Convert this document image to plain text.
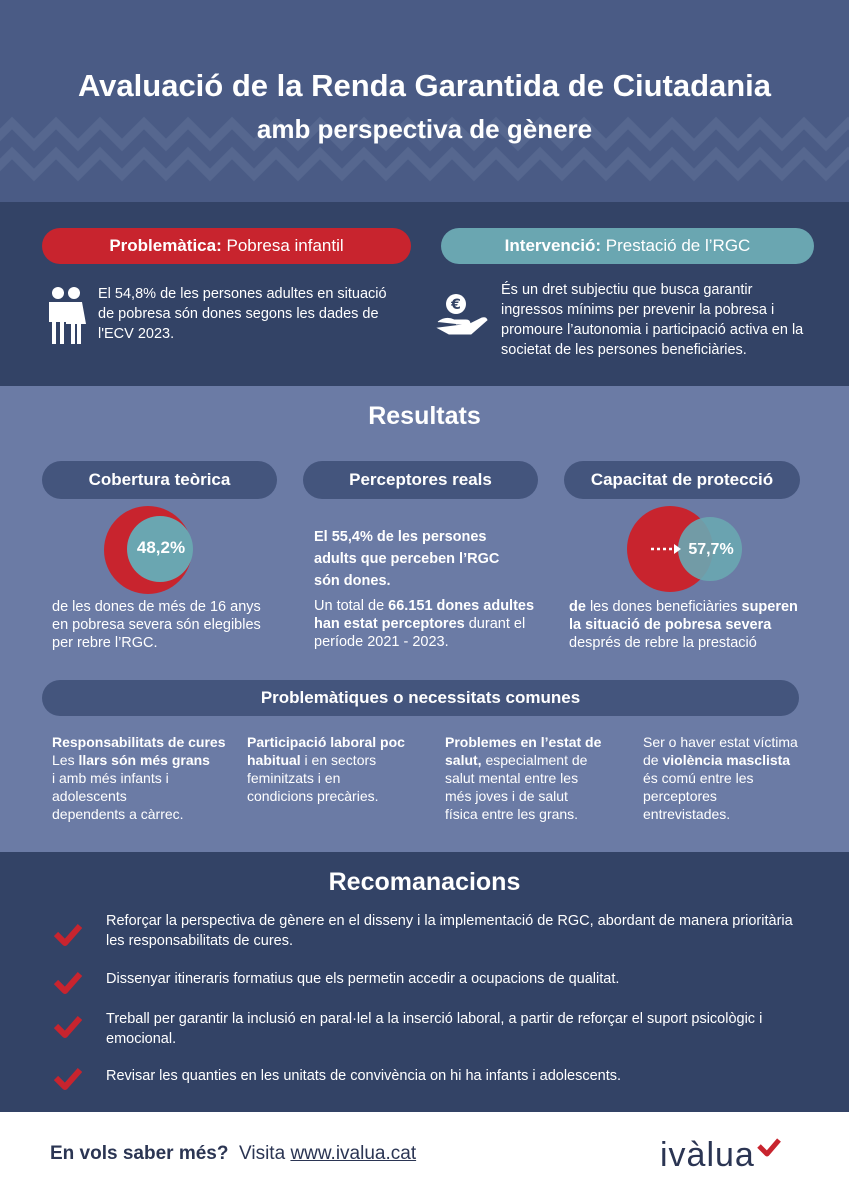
Avaluació de la Renda Garantida de Ciutadania
amb perspectiva de gènere
Problemàtica: Pobresa infantil	Intervenció: Prestació de l’RGC
El 54,8% de les persones adultes en situació
de pobresa són dones segons les dades de
l'ECV 2023.
€
És un dret subjectiu que busca garantir
ingressos mínims per prevenir la pobresa i
promoure l’autonomia i participació activa en la
societat de les persones beneficiàries.
Resultats
Cobertura teòrica	Perceptores reals	Capacitat de protecció
48,2%
de les dones de més de 16 anys
en pobresa severa són elegibles
per rebre l’RGC.
El 55,4% de les persones
adults que perceben l’RGC
són dones.
Un total de 66.151 dones adultes
han estat perceptores durant el
període 2021 - 2023.
57,7%
de les dones beneficiàries superen
la situació de pobresa severa
després de rebre la prestació
Problemàtiques o necessitats comunes
Responsabilitats de cures
Les llars són més grans
i amb més infants i
adolescents
dependents a càrrec.
Participació laboral poc
habitual i en sectors
feminitzats i en
condicions precàries.
Problemes en l’estat de
salut, especialment de
salut mental entre les
més joves i de salut
física entre les grans.
Ser o haver estat víctima
de violència masclista
és comú entre les
perceptores
entrevistades.
Recomanacions
Reforçar la perspectiva de gènere en el disseny i la implementació de RGC, abordant de manera prioritària
les responsabilitats de cures.
Dissenyar itineraris formatius que els permetin accedir a ocupacions de qualitat.
Treball per garantir la inclusió en paral·lel a la inserció laboral, a partir de reforçar el suport psicològic i
emocional.
Revisar les quanties en les unitats de convivència on hi ha infants i adolescents.
En vols saber més? Visita www.ivalua.cat	ivàlua
